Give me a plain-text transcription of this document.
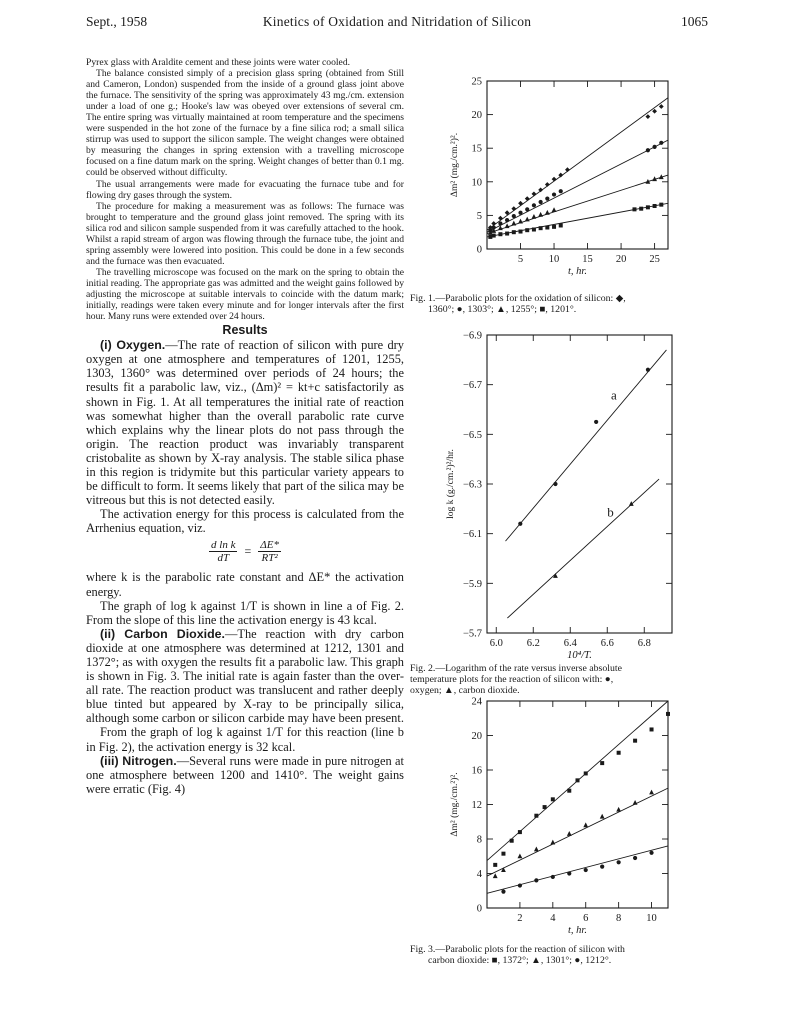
Sept., 1958	Kinetics of Oxidation and Nitridation of Silicon	1065

Pyrex glass with Araldite cement and these joints were water cooled.

The balance consisted simply of a precision glass spring (obtained from Still and Cameron, London) suspended from the inside of a ground glass joint above the furnace. The sensitivity of the spring was approximately 43 mg./cm. extension under a load of one g.; Hooke's law was obeyed over extensions of several cm. The entire spring was virtually maintained at room temperature and the specimens were suspended in the hot zone of the furnace by a fine silica rod; a small silica stirrup was used to support the silicon sample. The weight changes were obtained by measuring the changes in spring extension with a travelling microscope focused on a fine datum mark on the spring. Weight changes of better than 0.1 mg. could be observed without difficulty.

The usual arrangements were made for evacuating the furnace tube and for flowing dry gases through the system.

The procedure for making a measurement was as follows: The furnace was brought to temperature and the ground glass joint removed. The spring with its silica rod and silicon sample suspended from it was carefully attached to the hook. Whilst a rapid stream of argon was flowing through the furnace tube, the joint and spring assembly were lowered into position. This could be done in a few seconds and the furnace was then evacuated.

The travelling microscope was focused on the mark on the spring to obtain the initial reading. The appropriate gas was admitted and the weight gains followed by adjusting the microscope at suitable intervals to coincide with the datum mark; initially, readings were taken every minute and for longer intervals after the first hour. Many runs were extended over 24 hours.

Results

(i) Oxygen.—The rate of reaction of silicon with pure dry oxygen at one atmosphere and temperatures of 1201, 1255, 1303, 1360° was determined over periods of 24 hours; the results fit a parabolic law, viz., (Δm)² = kt+c satisfactorily as shown in Fig. 1. At all temperatures the initial rate of reaction was somewhat higher than the overall parabolic rate curve which explains why the linear plots do not pass through the origin. The reaction product was invariably transparent cristobalite as shown by X-ray analysis. The stable silica phase in this region is tridymite but this particular variety appears to be difficult to form. It seems likely that part of the silica may be vitreous but this is not detected easily.

The activation energy for this process is calculated from the Arrhenius equation, viz.

$\frac{\text{d ln k}}{dT} = \frac{\Delta E*}{\text{RT²}}$

where k is the parabolic rate constant and ΔE* the activation energy.

The graph of log k against 1/T is shown in line a of Fig. 2. From the slope of this line the activation energy is 43 kcal.

(ii) Carbon Dioxide.—The reaction with dry carbon dioxide at one atmosphere was determined at 1212, 1301 and 1372°; as with oxygen the results fit a parabolic law. This graph is shown in Fig. 3. The initial rate is again faster than the over-all rate. The reaction product was translucent and rather deeply blue tinted but appeared by X-ray to be principally silica, although some carbon or silicon carbide may have been present.

From the graph of log k against 1/T for this reaction (line b in Fig. 2), the activation energy is 32 kcal.

(iii) Nitrogen.—Several runs were made in pure nitrogen at one atmosphere between 1200 and 1410°. The weight gains were erratic (Fig. 4)

0
5
10
15
20
25
5 10 15 20 25
t, hr.
Δm² (mg./cm.²)².
Fig. 1.—Parabolic plots for the oxidation of silicon: ◆,
1360°; ●, 1303°; ▲, 1255°; ■, 1201°.
−6.9
−6.7
−6.5
−6.3
−6.1
−5.9
−5.7
6.0 6.2 6.4 6.6 6.8
10⁴/T.
log k (g./cm.²)²/hr.
a
b
Fig. 2.—Logarithm of the rate versus inverse absolute
temperature plots for the reaction of silicon with: ●,
oxygen; ▲, carbon dioxide.
0
4
8
12
16
20
24
2	4	6	8 10
t, hr.
Δm² (mg./cm.²)².
Fig. 3.—Parabolic plots for the reaction of silicon with
carbon dioxide: ■, 1372°; ▲, 1301°; ●, 1212°.
